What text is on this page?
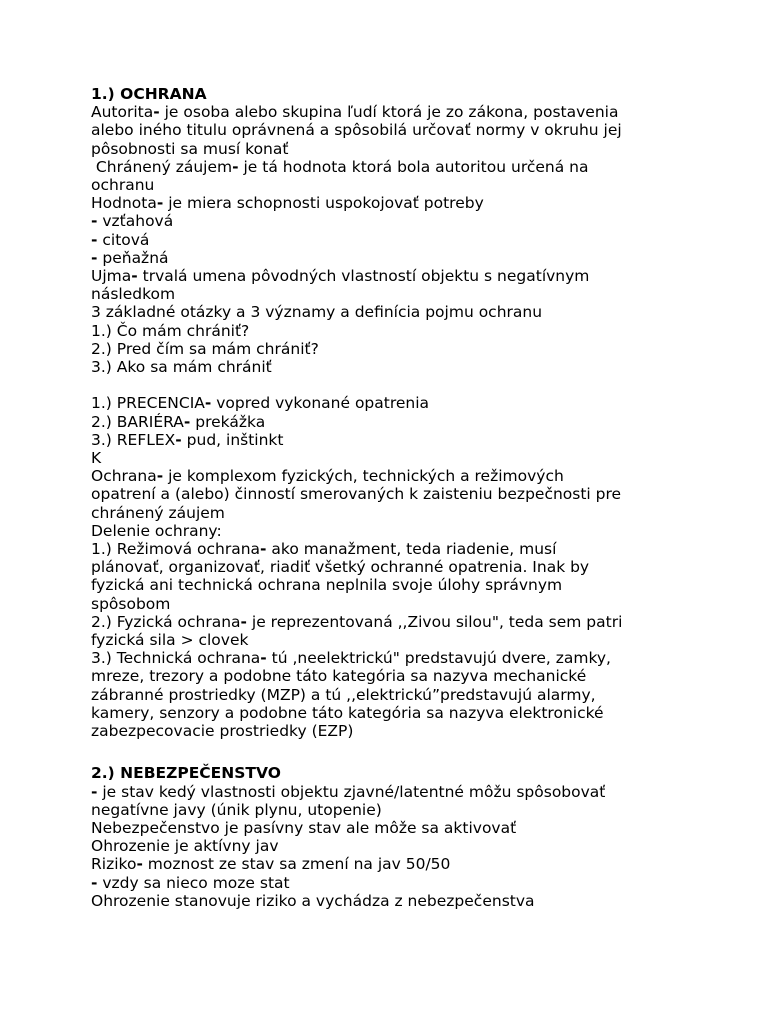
1.) OCHRANA
Autorita- je osoba alebo skupina ľudí ktorá je zo zákona, postavenia
alebo iného titulu oprávnená a spôsobilá určovať normy v okruhu jej
pôsobnosti sa musí konať
Chránený záujem- je tá hodnota ktorá bola autoritou určená na
ochranu
Hodnota- je miera schopnosti uspokojovať potreby
- vzťahová
- citová
- peňažná
Ujma- trvalá umena pôvodných vlastností objektu s negatívnym
následkom
3 základné otázky a 3 významy a definícia pojmu ochranu
1.) Čo mám chrániť?
2.) Pred čím sa mám chrániť?
3.) Ako sa mám chrániť
1.) PRECENCIA- vopred vykonané opatrenia
2.) BARIÉRA- prekážka
3.) REFLEX- pud, inštinkt
K
Ochrana- je komplexom fyzických, technických a režimových
opatrení a (alebo) činností smerovaných k zaisteniu bezpečnosti pre
chránený záujem
Delenie ochrany:
1.) Režimová ochrana- ako manažment, teda riadenie, musí
plánovať, organizovať, riadiť všetký ochranné opatrenia. Inak by
fyzická ani technická ochrana neplnila svoje úlohy správnym
spôsobom
2.) Fyzická ochrana- je reprezentovaná ,,Zivou silou", teda sem patri
fyzická sila > clovek
3.) Technická ochrana- tú ,neelektrickú" predstavujú dvere, zamky,
mreze, trezory a podobne táto kategória sa nazyva mechanické
zábranné prostriedky (MZP) a tú ,,elektrickú”predstavujú alarmy,
kamery, senzory a podobne táto kategória sa nazyva elektronické
zabezpecovacie prostriedky (EZP)
2.) NEBEZPEČENSTVO
- je stav kedý vlastnosti objektu zjavné/latentné môžu spôsobovať
negatívne javy (únik plynu, utopenie)
Nebezpečenstvo je pasívny stav ale môže sa aktivovať
Ohrozenie je aktívny jav
Riziko- moznost ze stav sa zmení na jav 50/50
- vzdy sa nieco moze stat
Ohrozenie stanovuje riziko a vychádza z nebezpečenstva
